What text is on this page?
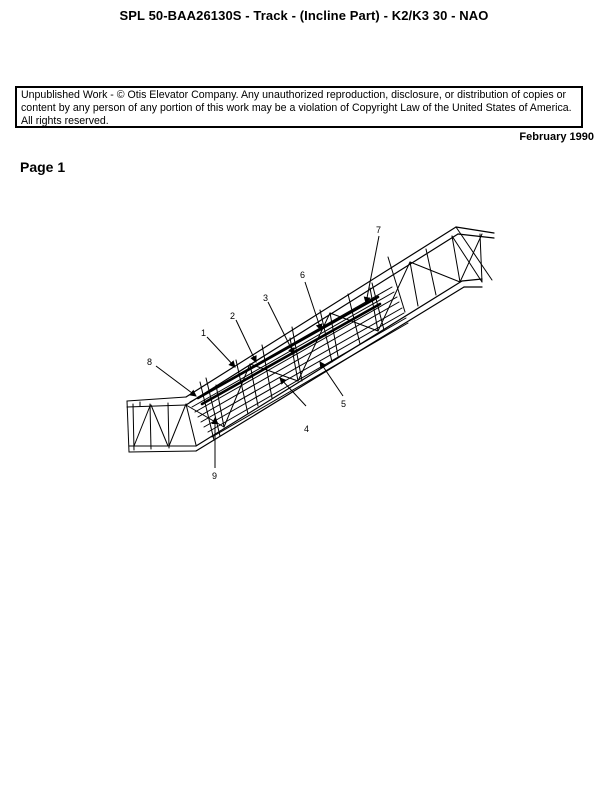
SPL 50-BAA26130S - Track - (Incline Part) - K2/K3 30 - NAO
Unpublished Work - © Otis Elevator Company. Any unauthorized reproduction, disclosure, or distribution of copies or content by any person of any portion of this work may be a violation of Copyright Law of the United States of America. All rights reserved.
February 1990
Page 1
1
2
3
4
5
6
7
8
9
